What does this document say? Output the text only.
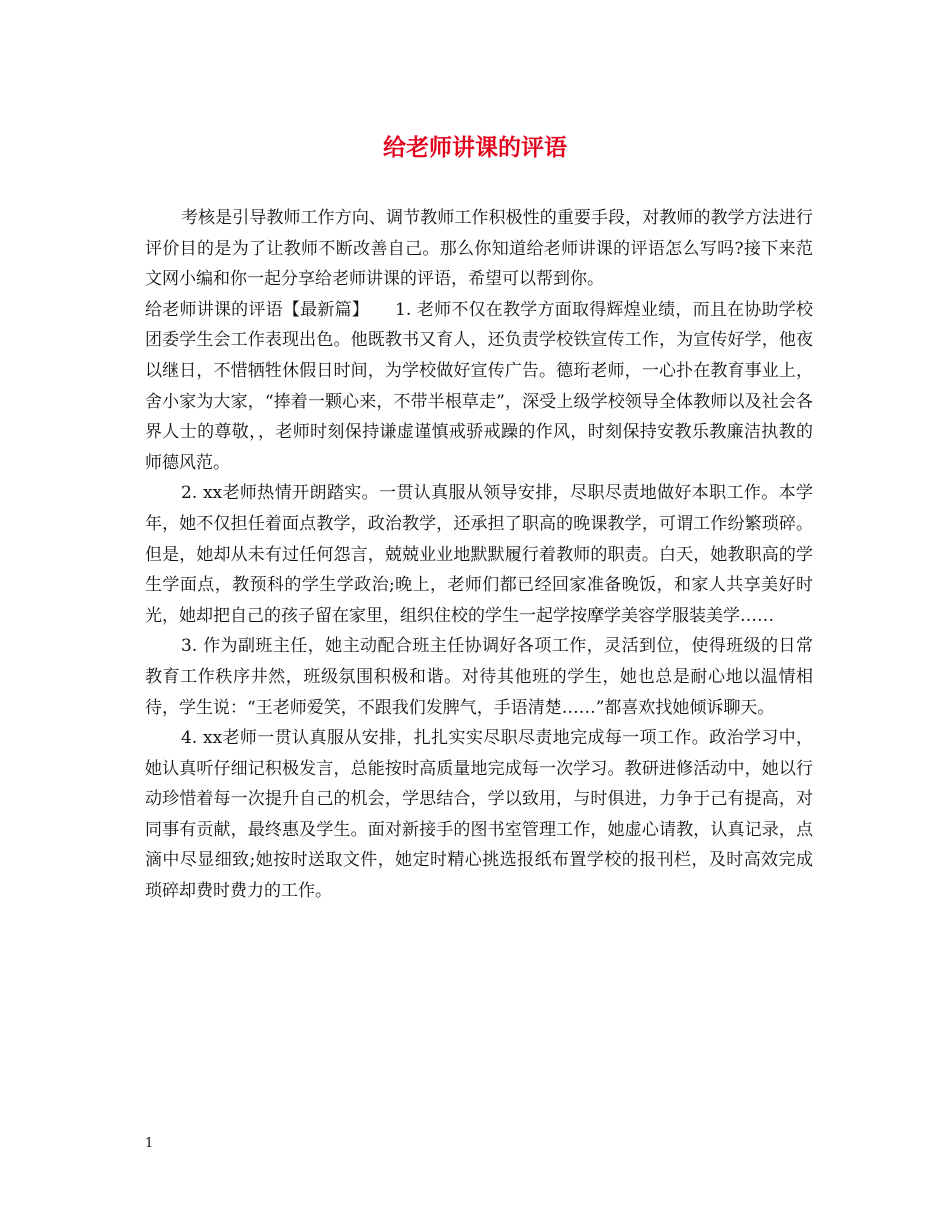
给老师讲课的评语

考核是引导教师工作方向、调节教师工作积极性的重要手段，对教师的教学方法进行评价目的是为了让教师不断改善自己。那么你知道给老师讲课的评语怎么写吗?接下来范文网小编和你一起分享给老师讲课的评语，希望可以帮到你。

给老师讲课的评语【最新篇】　　1. 老师不仅在教学方面取得辉煌业绩，而且在协助学校团委学生会工作表现出色。他既教书又育人，还负责学校铁宣传工作，为宣传好学，他夜以继日，不惜牺牲休假日时间，为学校做好宣传广告。德珩老师，一心扑在教育事业上，舍小家为大家，“捧着一颗心来，不带半根草走”，深受上级学校领导全体教师以及社会各界人士的尊敬，，老师时刻保持谦虚谨慎戒骄戒躁的作风，时刻保持安教乐教廉洁执教的师德风范。

2. xx老师热情开朗踏实。一贯认真服从领导安排，尽职尽责地做好本职工作。本学年，她不仅担任着面点教学，政治教学，还承担了职高的晚课教学，可谓工作纷繁琐碎。但是，她却从未有过任何怨言，兢兢业业地默默履行着教师的职责。白天，她教职高的学生学面点，教预科的学生学政治;晚上，老师们都已经回家准备晚饭，和家人共享美好时光，她却把自己的孩子留在家里，组织住校的学生一起学按摩学美容学服装美学……

3. 作为副班主任，她主动配合班主任协调好各项工作，灵活到位，使得班级的日常教育工作秩序井然，班级氛围积极和谐。对待其他班的学生，她也总是耐心地以温情相待，学生说：“王老师爱笑，不跟我们发脾气，手语清楚……”都喜欢找她倾诉聊天。

4. xx老师一贯认真服从安排，扎扎实实尽职尽责地完成每一项工作。政治学习中，她认真听仔细记积极发言，总能按时高质量地完成每一次学习。教研进修活动中，她以行动珍惜着每一次提升自己的机会，学思结合，学以致用，与时俱进，力争于己有提高，对同事有贡献，最终惠及学生。面对新接手的图书室管理工作，她虚心请教，认真记录，点滴中尽显细致;她按时送取文件，她定时精心挑选报纸布置学校的报刊栏，及时高效完成琐碎却费时费力的工作。

1
